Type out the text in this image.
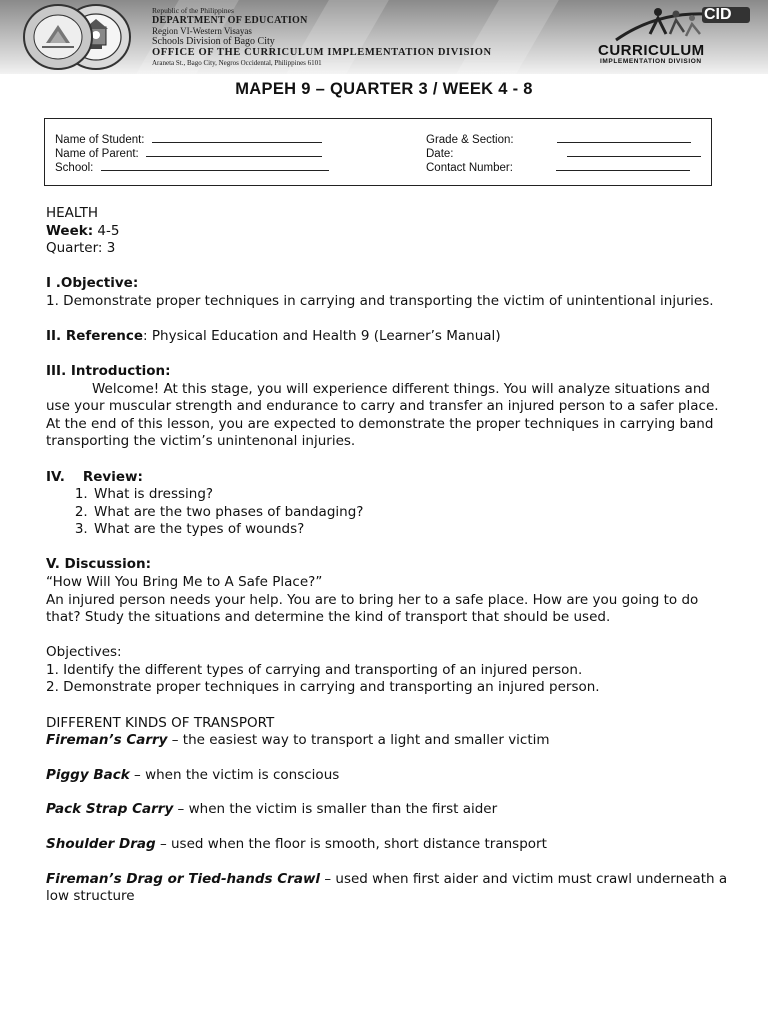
Republic of the Philippines
DEPARTMENT OF EDUCATION
Region VI-Western Visayas
Schools Division of Bago City
OFFICE OF THE CURRICULUM IMPLEMENTATION DIVISION
Araneta St., Bago City, Negros Occidental, Philippines 6101
CID
CURRICULUM
IMPLEMENTATION DIVISION
MAPEH 9 – QUARTER 3 / WEEK 4 - 8
Name of Student:
Name of Parent:
School:
Grade & Section:
Date:
Contact Number:

HEALTH

Week: 4-5

Quarter: 3

I .Objective:

1. Demonstrate proper techniques in carrying and transporting the victim of unintentional injuries.

II. Reference: Physical Education and Health 9 (Learner’s Manual)

III. Introduction:

Welcome! At this stage, you will experience different things. You will analyze situations and use your muscular strength and endurance to carry and transfer an injured person to a safer place. At the end of this lesson, you are expected to demonstrate the proper techniques in carrying band transporting the victim’s unintenonal injuries.

IV. Review:

1. What is dressing?
2. What are the two phases of bandaging?
3. What are the types of wounds?

V. Discussion:

“How Will You Bring Me to A Safe Place?”

An injured person needs your help. You are to bring her to a safe place. How are you going to do that? Study the situations and determine the kind of transport that should be used.

Objectives:

1. Identify the different types of carrying and transporting of an injured person.

2. Demonstrate proper techniques in carrying and transporting an injured person.

DIFFERENT KINDS OF TRANSPORT

Fireman’s Carry – the easiest way to transport a light and smaller victim

Piggy Back – when the victim is conscious

Pack Strap Carry – when the victim is smaller than the first aider

Shoulder Drag – used when the floor is smooth, short distance transport

Fireman’s Drag or Tied-hands Crawl – used when first aider and victim must crawl underneath a low structure
